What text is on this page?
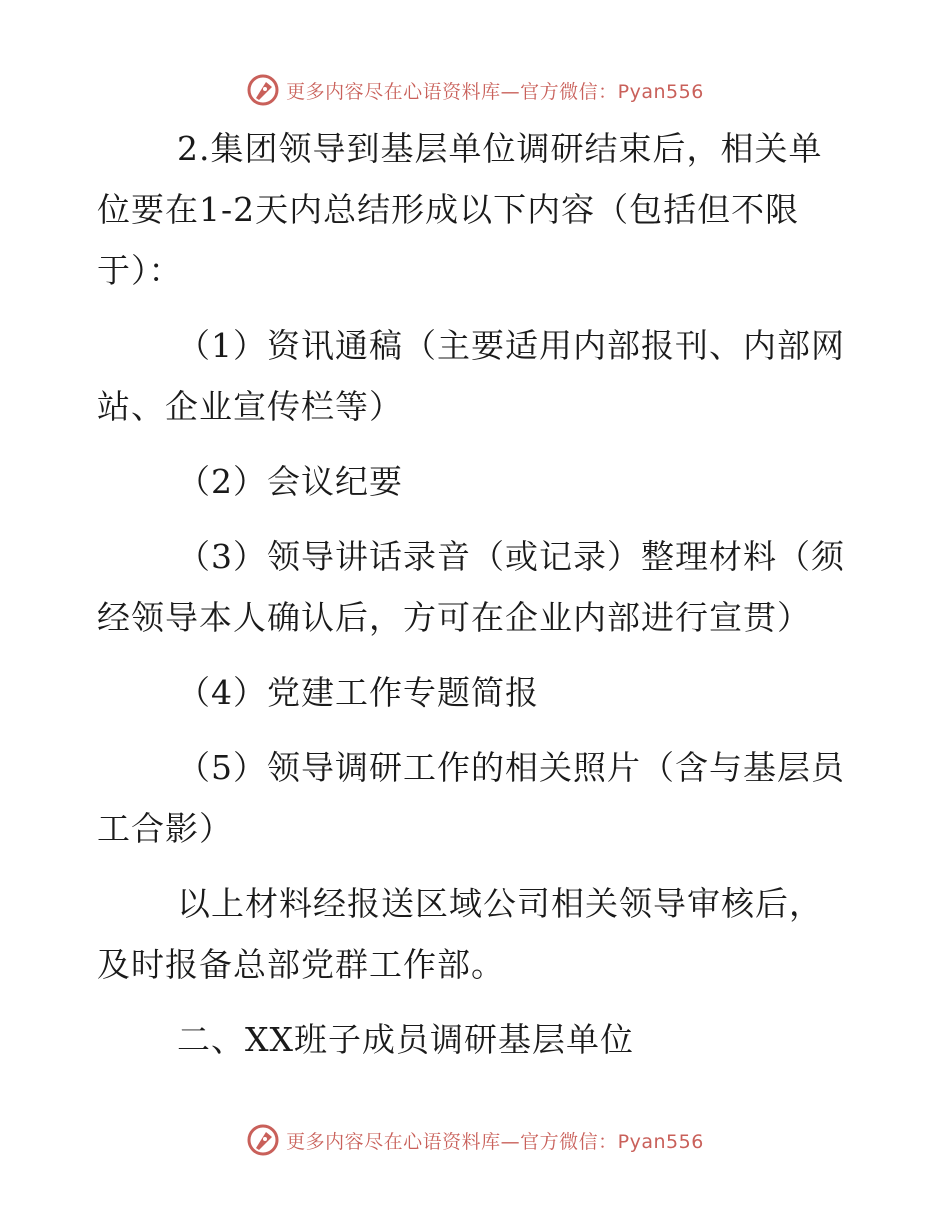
更多内容尽在心语资料库—官方微信：Pyan556

2.集团领导到基层单位调研结束后，相关单位要在1-2天内总结形成以下内容（包括但不限于）：

（1）资讯通稿（主要适用内部报刊、内部网站、企业宣传栏等）

（2）会议纪要

（3）领导讲话录音（或记录）整理材料（须经领导本人确认后，方可在企业内部进行宣贯）

（4）党建工作专题简报

（5）领导调研工作的相关照片（含与基层员工合影）

以上材料经报送区域公司相关领导审核后，及时报备总部党群工作部。

二、XX班子成员调研基层单位

更多内容尽在心语资料库—官方微信：Pyan556
